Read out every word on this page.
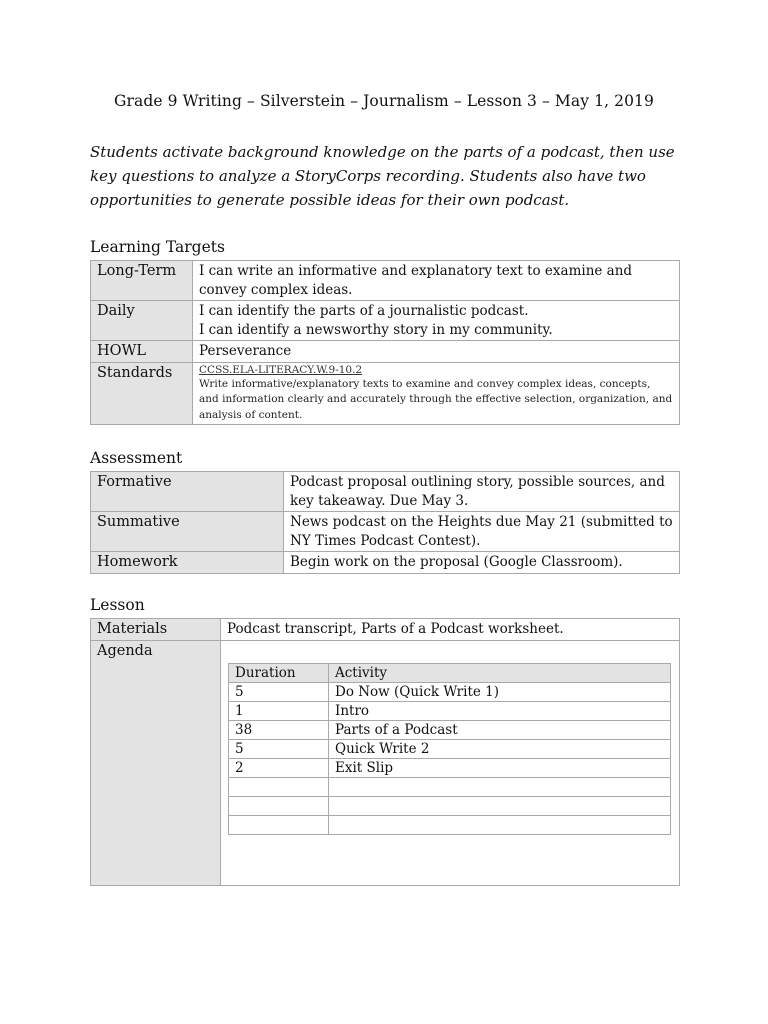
Grade 9 Writing – Silverstein – Journalism – Lesson 3 – May 1, 2019
Students activate background knowledge on the parts of a podcast, then use key questions to analyze a StoryCorps recording. Students also have two opportunities to generate possible ideas for their own podcast.
Learning Targets
Long-Term	I can write an informative and explanatory text to examine and convey complex ideas.
Daily	I can identify the parts of a journalistic podcast.
I can identify a newsworthy story in my community.

HOWL	Perseverance
Standards	CCSS.ELA-LITERACY.W.9-10.2
Write informative/explanatory texts to examine and convey complex ideas, concepts, and information clearly and accurately through the effective selection, organization, and analysis of content.
Assessment
Formative	Podcast proposal outlining story, possible sources, and key takeaway. Due May 3.
Summative	News podcast on the Heights due May 21 (submitted to NY Times Podcast Contest).
Homework	Begin work on the proposal (Google Classroom).
Lesson
Materials	Podcast transcript, Parts of a Podcast worksheet.
Agenda	
Duration	Activity
5	Do Now (Quick Write 1)
1	Intro
38	Parts of a Podcast
5	Quick Write 2
2	Exit Slip
